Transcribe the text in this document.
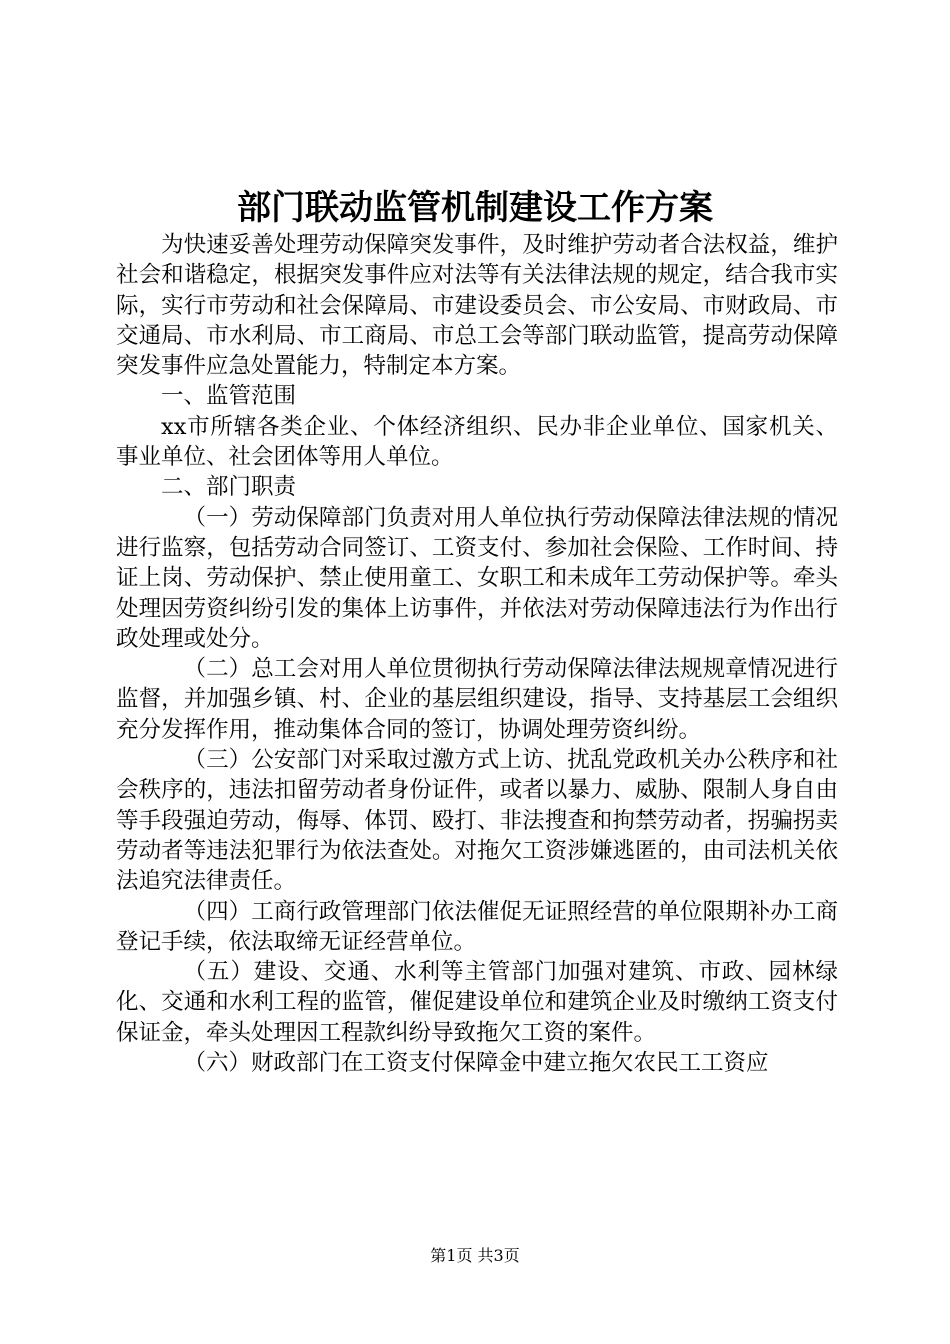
部门联动监管机制建设工作方案

为快速妥善处理劳动保障突发事件，及时维护劳动者合法权益，维护社会和谐稳定，根据突发事件应对法等有关法律法规的规定，结合我市实际，实行市劳动和社会保障局、市建设委员会、市公安局、市财政局、市交通局、市水利局、市工商局、市总工会等部门联动监管，提高劳动保障突发事件应急处置能力，特制定本方案。

一、监管范围

xx市所辖各类企业、个体经济组织、民办非企业单位、国家机关、事业单位、社会团体等用人单位。

二、部门职责

（一）劳动保障部门负责对用人单位执行劳动保障法律法规的情况进行监察，包括劳动合同签订、工资支付、参加社会保险、工作时间、持证上岗、劳动保护、禁止使用童工、女职工和未成年工劳动保护等。牵头处理因劳资纠纷引发的集体上访事件，并依法对劳动保障违法行为作出行政处理或处分。

（二）总工会对用人单位贯彻执行劳动保障法律法规规章情况进行监督，并加强乡镇、村、企业的基层组织建设，指导、支持基层工会组织充分发挥作用，推动集体合同的签订，协调处理劳资纠纷。

（三）公安部门对采取过激方式上访、扰乱党政机关办公秩序和社会秩序的，违法扣留劳动者身份证件，或者以暴力、威胁、限制人身自由等手段强迫劳动，侮辱、体罚、殴打、非法搜查和拘禁劳动者，拐骗拐卖劳动者等违法犯罪行为依法查处。对拖欠工资涉嫌逃匿的，由司法机关依法追究法律责任。

（四）工商行政管理部门依法催促无证照经营的单位限期补办工商登记手续，依法取缔无证经营单位。

（五）建设、交通、水利等主管部门加强对建筑、市政、园林绿化、交通和水利工程的监管，催促建设单位和建筑企业及时缴纳工资支付保证金，牵头处理因工程款纠纷导致拖欠工资的案件。

（六）财政部门在工资支付保障金中建立拖欠农民工工资应

第1页 共3页
